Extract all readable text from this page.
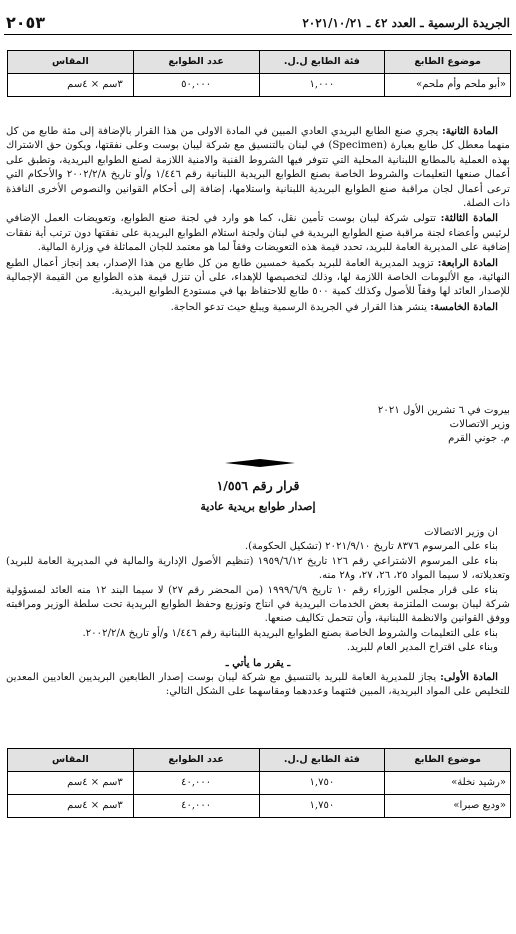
الجريدة الرسمية ـ العدد ٤٢ ـ ٢٠٢١/١٠/٢١
٢٠٥٣
موضوع الطابع	فئة الطابع ل.ل.	عدد الطوابع	المقاس
«أبو ملحم وأم ملحم»	١,٠٠٠	٥٠,٠٠٠	٣سم × ٤سم

المادة الثانية: يجري صنع الطابع البريدي العادي المبين في المادة الاولى من هذا القرار بالإضافة إلى مئة طابع من كل منهما معطل كل طابع بعبارة (Specimen) في لبنان بالتنسيق مع شركة ليبان بوست وعلى نفقتها، ويكون حق الاشتراك بهذه العملية بالمطابع اللبنانية المحلية التي تتوفر فيها الشروط الفنية والامنية اللازمة لصنع الطوابع البريدية، وتطبق على أعمال صنعها التعليمات والشروط الخاصة بصنع الطوابع البريدية اللبنانية رقم ١/٤٤٦ و/أو تاريخ ٢٠٠٢/٢/٨ والأحكام التي ترعى أعمال لجان مراقبة صنع الطوابع البريدية اللبنانية واستلامها، إضافة إلى أحكام القوانين والنصوص الأخرى النافذة ذات الصلة.

المادة الثالثة: تتولى شركة ليبان بوست تأمين نقل، كما هو وارد في لجنة صنع الطوابع، وتعويضات العمل الإضافي لرئيس وأعضاء لجنة مراقبة صنع الطوابع البريدية في لبنان ولجنة استلام الطوابع البريدية على نفقتها دون ترتب أية نفقات إضافية على المديرية العامة للبريد، تحدد قيمة هذه التعويضات وفقاً لما هو معتمد للجان المماثلة في وزارة المالية.

المادة الرابعة: تزويد المديرية العامة للبريد بكمية خمسين طابع من كل طابع من هذا الإصدار، بعد إنجاز أعمال الطبع النهائية، مع الألبومات الخاصة اللازمة لها، وذلك لتخصيصها للإهداء، على أن تنزل قيمة هذه الطوابع من القيمة الإجمالية للإصدار العائد لها وفقاً للأصول وكذلك كمية ٥٠٠ طابع للاحتفاظ بها في مستودع الطوابع البريدية.

المادة الخامسة: ينشر هذا القرار في الجريدة الرسمية ويبلغ حيث تدعو الحاجة.

بيروت في ٦ تشرين الأول ٢٠٢١
وزير الاتصالات
م. جوني القرم
قرار رقم ١/٥٥٦
إصدار طوابع بريدية عادية

ان وزير الاتصالات

بناء على المرسوم ٨٣٧٦ تاريخ ٢٠٢١/٩/١٠ (تشكيل الحكومة).

بناء على المرسوم الاشتراعي رقم ١٢٦ تاريخ ١٩٥٩/٦/١٢ (تنظيم الأصول الإدارية والمالية في المديرية العامة للبريد) وتعديلاته، لا سيما المواد ٢٥، ٢٦، ٢٧، و٢٨ منه.

بناء على قرار مجلس الوزراء رقم ١٠ تاريخ ١٩٩٩/٦/٩ (من المحضر رقم ٢٧) لا سيما البند ١٢ منه العائد لمسؤولية شركة ليبان بوست الملتزمة بعض الخدمات البريدية في انتاج وتوزيع وحفظ الطوابع البريدية تحت سلطة الوزير ومراقبته ووفق القوانين والانظمة اللبنانية، وأن تتحمل تكاليف صنعها.

بناء على التعليمات والشروط الخاصة بصنع الطوابع البريدية اللبنانية رقم ١/٤٤٦ و/أو تاريخ ٢٠٠٢/٢/٨.

وبناء على اقتراح المدير العام للبريد.

ـ يقرر ما يأتي ـ

المادة الأولى: يجاز للمديرية العامة للبريد بالتنسيق مع شركة ليبان بوست إصدار الطابعين البريديين العاديين المعدين للتخليص على المواد البريدية، المبين فئتهما وعددهما ومقاسهما على الشكل التالي:

موضوع الطابع	فئة الطابع ل.ل.	عدد الطوابع	المقاس
«رشيد نخلة»	١,٧٥٠	٤٠,٠٠٠	٣سم × ٤سم
«وديع صبرا»	١,٧٥٠	٤٠,٠٠٠	٣سم × ٤سم
